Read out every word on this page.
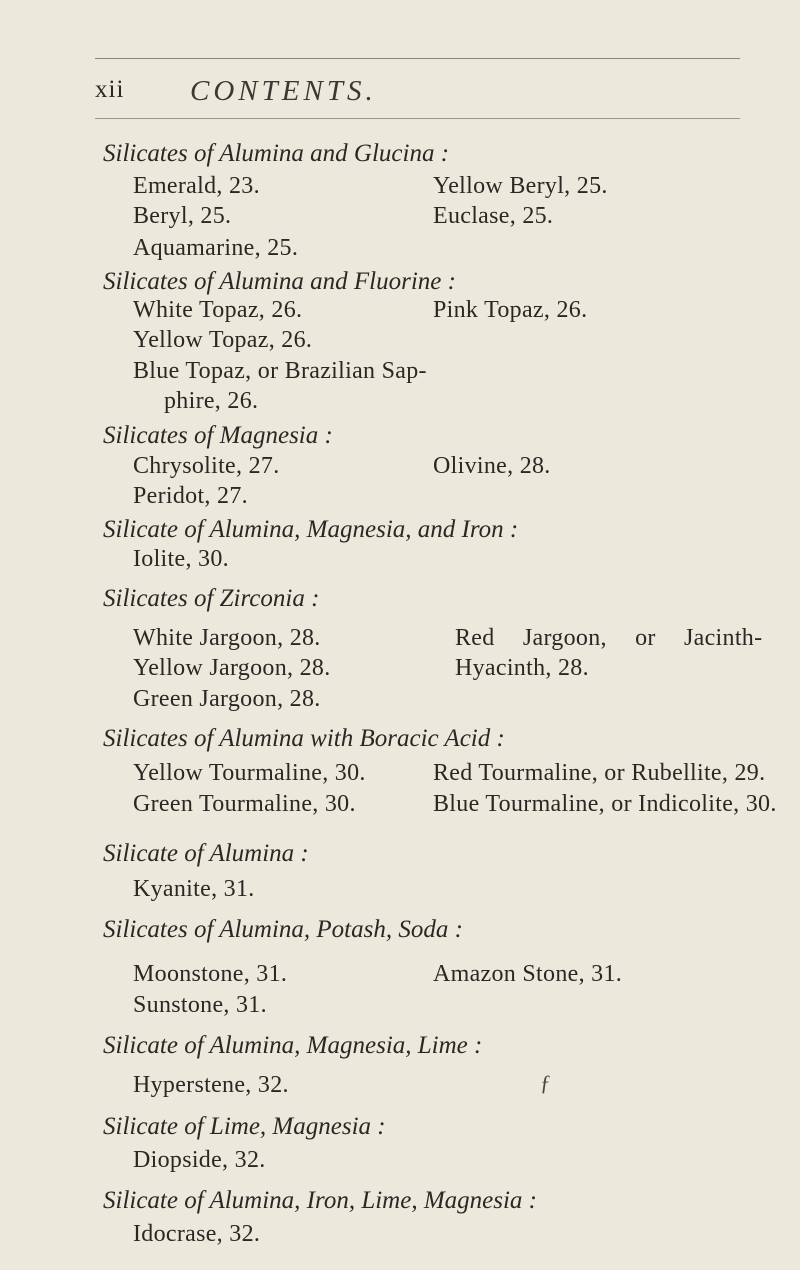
xii CONTENTS.
Silicates of Alumina and Glucina :
Emerald, 23.	Yellow Beryl, 25.
Beryl, 25.	Euclase, 25.
Aquamarine, 25.
Silicates of Alumina and Fluorine :
White Topaz, 26.	Pink Topaz, 26.
Yellow Topaz, 26.
Blue Topaz, or Brazilian Sap-
phire, 26.
Silicates of Magnesia :
Chrysolite, 27.	Olivine, 28.
Peridot, 27.
Silicate of Alumina, Magnesia, and Iron :
Iolite, 30.
Silicates of Zirconia :
White Jargoon, 28.	Red Jargoon, or Jacinth-
Yellow Jargoon, 28.	Hyacinth, 28.
Green Jargoon, 28.
Silicates of Alumina with Boracic Acid :
Yellow Tourmaline, 30.	Red Tourmaline, or Rubellite, 29.
Green Tourmaline, 30.	Blue Tourmaline, or Indicolite, 30.
Silicate of Alumina :
Kyanite, 31.
Silicates of Alumina, Potash, Soda :
Moonstone, 31.	Amazon Stone, 31.
Sunstone, 31.
Silicate of Alumina, Magnesia, Lime :
Hyperstene, 32.
Silicate of Lime, Magnesia :
Diopside, 32.
Silicate of Alumina, Iron, Lime, Magnesia :
Idocrase, 32.
ƒ
